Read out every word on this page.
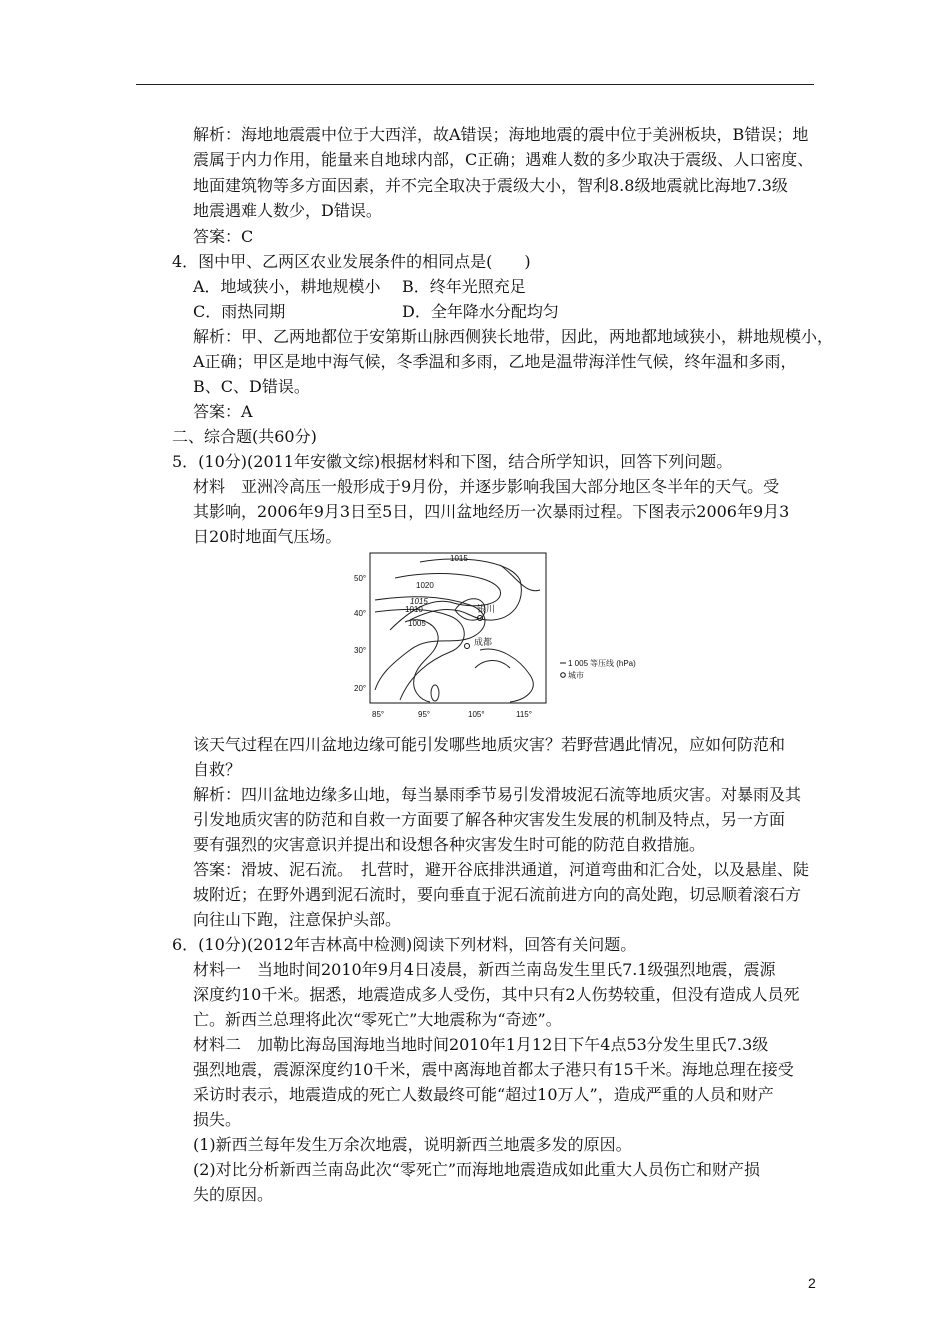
解析：海地地震震中位于大西洋，故A错误；海地地震的震中位于美洲板块，B错误；地
震属于内力作用，能量来自地球内部，C正确；遇难人数的多少取决于震级、人口密度、
地面建筑物等多方面因素，并不完全取决于震级大小，智利8.8级地震就比海地7.3级
地震遇难人数少，D错误。
答案：C
4．图中甲、乙两区农业发展条件的相同点是(　　)
A．地域狭小，耕地规模小 B．终年光照充足
C．雨热同期	D．全年降水分配均匀
解析：甲、乙两地都位于安第斯山脉西侧狭长地带，因此，两地都地域狭小，耕地规模小，
A正确；甲区是地中海气候，冬季温和多雨，乙地是温带海洋性气候，终年温和多雨，
B、C、D错误。
答案：A
二、综合题(共60分)
5．(10分)(2011年安徽文综)根据材料和下图，结合所学知识，回答下列问题。
材料　亚洲冷高压一般形成于9月份，并逐步影响我国大部分地区冬半年的天气。受
其影响，2006年9月3日至5日，四川盆地经历一次暴雨过程。下图表示2006年9月3
日20时地面气压场。
1015
1020
1015
1010
1005
银川
成都
50°
40°
30°
20°
85°	95°	105°	115°
1 005 等压线 (hPa)
城市
该天气过程在四川盆地边缘可能引发哪些地质灾害？若野营遇此情况，应如何防范和
自救？
解析：四川盆地边缘多山地，每当暴雨季节易引发滑坡泥石流等地质灾害。对暴雨及其
引发地质灾害的防范和自救一方面要了解各种灾害发生发展的机制及特点，另一方面
要有强烈的灾害意识并提出和设想各种灾害发生时可能的防范自救措施。
答案：滑坡、泥石流。　扎营时，避开谷底排洪通道，河道弯曲和汇合处，以及悬崖、陡
坡附近；在野外遇到泥石流时，要向垂直于泥石流前进方向的高处跑，切忌顺着滚石方
向往山下跑，注意保护头部。
6．(10分)(2012年吉林高中检测)阅读下列材料，回答有关问题。
材料一　当地时间2010年9月4日凌晨，新西兰南岛发生里氏7.1级强烈地震，震源
深度约10千米。据悉，地震造成多人受伤，其中只有2人伤势较重，但没有造成人员死
亡。新西兰总理将此次“零死亡”大地震称为“奇迹”。
材料二　加勒比海岛国海地当地时间2010年1月12日下午4点53分发生里氏7.3级
强烈地震，震源深度约10千米，震中离海地首都太子港只有15千米。海地总理在接受
采访时表示，地震造成的死亡人数最终可能“超过10万人”，造成严重的人员和财产
损失。
(1)新西兰每年发生万余次地震，说明新西兰地震多发的原因。
(2)对比分析新西兰南岛此次“零死亡”而海地地震造成如此重大人员伤亡和财产损
失的原因。
2
